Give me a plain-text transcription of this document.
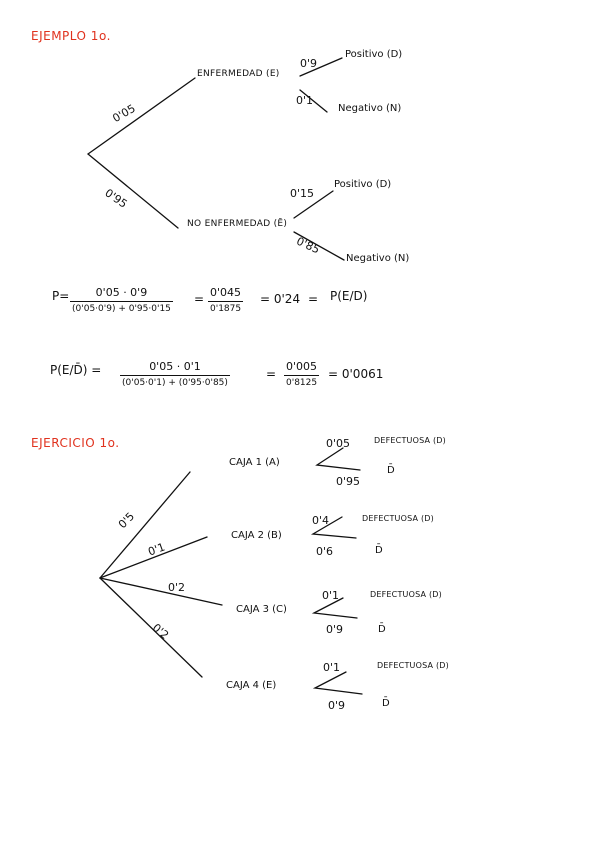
EJEMPLO 1o.
0'05
0'95
ENFERMEDAD (E)
NO ENFERMEDAD (Ē)
0'9
0'1
Positivo (D)
Negativo (N)
0'15
0'85
Positivo (D)
Negativo (N)
P= 0'05 · 0'9
(0'05·0'9) + 0'95·0'15
= 0'045
0'1875
= 0'24 = P(E/D)
P(E/D̄) =	0'05 · 0'1
(0'05·0'1) + (0'95·0'85)
=
0'005
0'8125
= 0'0061
EJERCICIO 1o.
0'5
0'1
0'2
0'2
CAJA 1 (A)
0'05
0'95
DEFECTUOSA (D)
D̄
CAJA 2 (B)
0'4
0'6
DEFECTUOSA (D)
D̄
CAJA 3 (C)
0'1
0'9
DEFECTUOSA (D)
D̄
CAJA 4 (E)
0'1
0'9
DEFECTUOSA (D)
D̄
